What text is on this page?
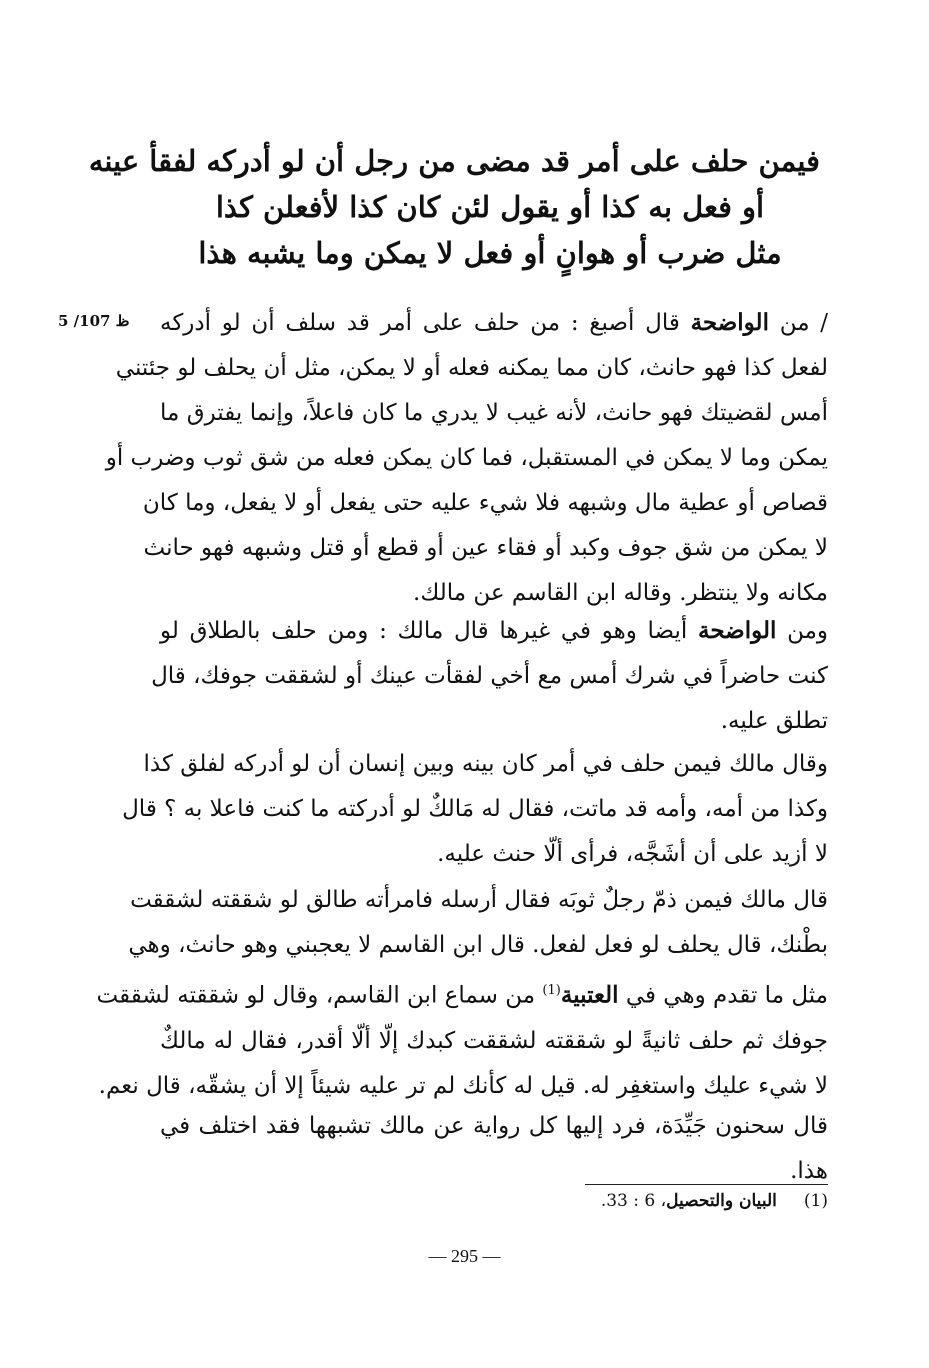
فيمن حلف على أمر قد مضى من رجل أن لو أدركه لفقأ عينه
أو فعل به كذا أو يقول لئن كان كذا لأفعلن كذا
مثل ضرب أو هوانٍ أو فعل لا يمكن وما يشبه هذا
5 /107 ظ	/ من الواضحة قال أصبغ : من حلف على أمر قد سلف أن لو أدركه
لفعل كذا فهو حانث، كان مما يمكنه فعله أو لا يمكن، مثل أن يحلف لو جئتني
أمس لقضيتك فهو حانث، لأنه غيب لا يدري ما كان فاعلاً، وإنما يفترق ما
يمكن وما لا يمكن في المستقبل، فما كان يمكن فعله من شق ثوب وضرب أو
قصاص أو عطية مال وشبهه فلا شيء عليه حتى يفعل أو لا يفعل، وما كان
لا يمكن من شق جوف وكبد أو فقاء عين أو قطع أو قتل وشبهه فهو حانث
مكانه ولا ينتظر. وقاله ابن القاسم عن مالك.
ومن الواضحة أيضا وهو في غيرها قال مالك : ومن حلف بالطلاق لو
كنت حاضراً في شرك أمس مع أخي لفقأت عينك أو لشققت جوفك، قال
تطلق عليه.
وقال مالك فيمن حلف في أمر كان بينه وبين إنسان أن لو أدركه لفلق كذا
وكذا من أمه، وأمه قد ماتت، فقال له مَالكٌ لو أدركته ما كنت فاعلا به ؟ قال
لا أزيد على أن أشَجَّه، فرأى ألّا حنث عليه.
قال مالك فيمن ذمّ رجلٌ ثوبَه فقال أرسله فامرأته طالق لو شققته لشققت
بطْنك، قال يحلف لو فعل لفعل. قال ابن القاسم لا يعجبني وهو حانث، وهي
مثل ما تقدم وهي في العتبية$^{(1)}$ من سماع ابن القاسم، وقال لو شققته لشققت
جوفك ثم حلف ثانيةً لو شققته لشققت كبدك إلّا ألّا أقدر، فقال له مالكٌ
لا شيء عليك واستغفِر له. قيل له كأنك لم تر عليه شيئاً إلا أن يشقّه، قال نعم.
قال سحنون جَيِّدَة، فرد إليها كل رواية عن مالك تشبهها فقد اختلف في
هذا.
(1)     البيان والتحصيل، 6 : 33.
— 295 —
